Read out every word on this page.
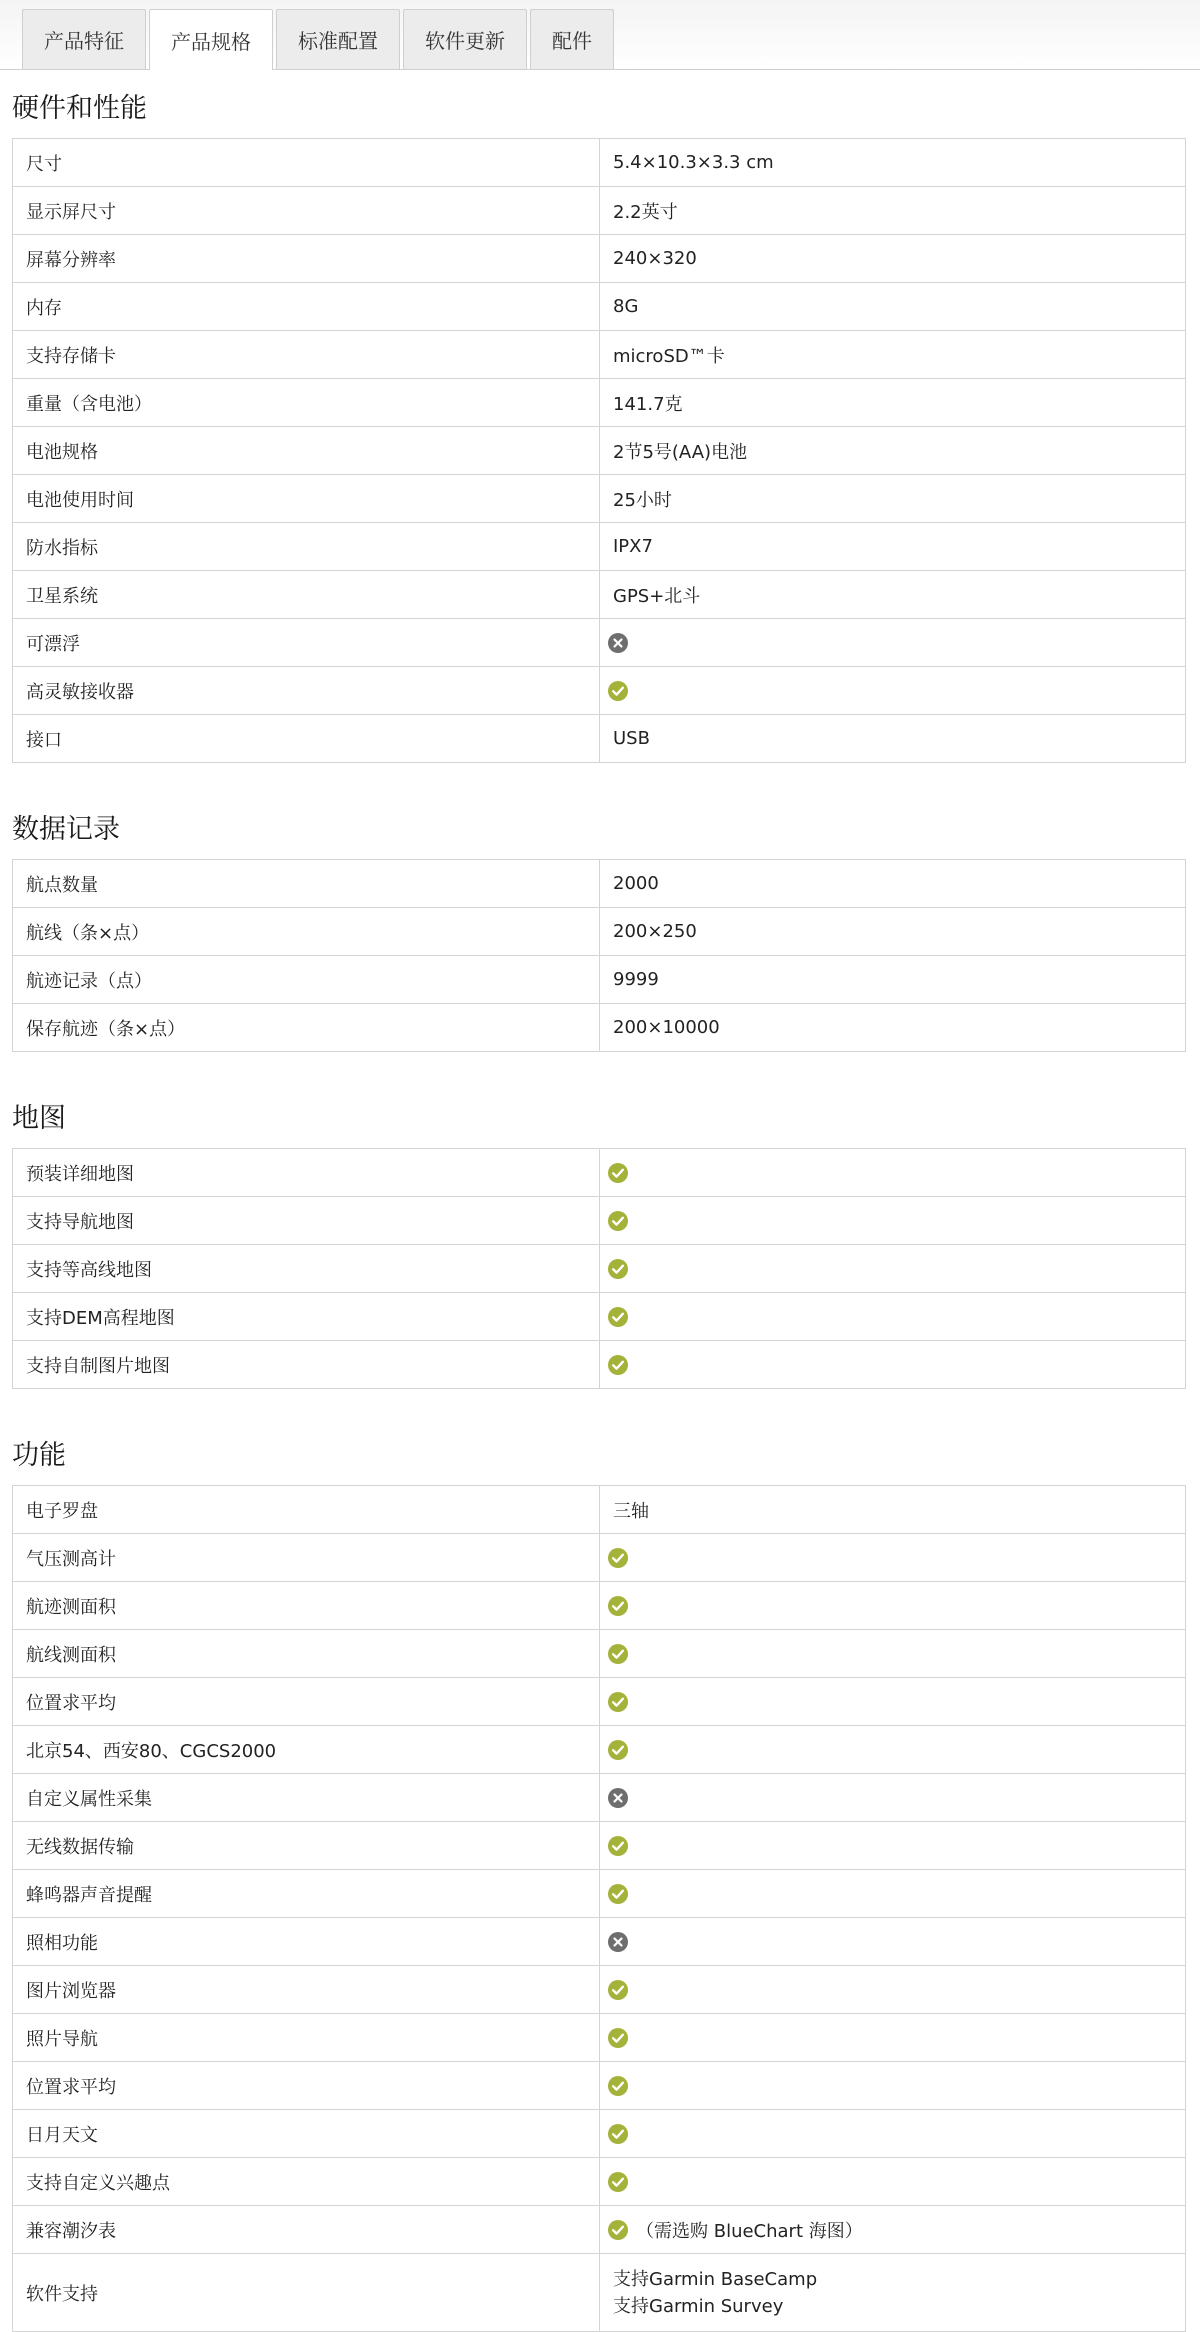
产品特征	产品规格	标准配置	软件更新	配件
硬件和性能
尺寸	5.4×10.3×3.3 cm
显示屏尺寸	2.2英寸
屏幕分辨率	240×320
内存	8G
支持存储卡	microSD™卡
重量（含电池）	141.7克
电池规格	2节5号(AA)电池
电池使用时间	25小时
防水指标	IPX7
卫星系统	GPS+北斗
可漂浮	

高灵敏接收器	

接口	USB
数据记录
航点数量	2000
航线（条×点）	200×250
航迹记录（点）	9999
保存航迹（条×点）	200×10000
地图
预装详细地图	

支持导航地图	

支持等高线地图	

支持DEM高程地图	

支持自制图片地图	
功能
电子罗盘	三轴
气压测高计	

航迹测面积	

航线测面积	

位置求平均	

北京54、西安80、CGCS2000	

自定义属性采集	

无线数据传输	

蜂鸣器声音提醒	

照相功能	

图片浏览器	

照片导航	

位置求平均	

日月天文	

支持自定义兴趣点	

兼容潮汐表	（需选购 BlueChart 海图）
软件支持	支持Garmin BaseCamp
支持Garmin Survey
